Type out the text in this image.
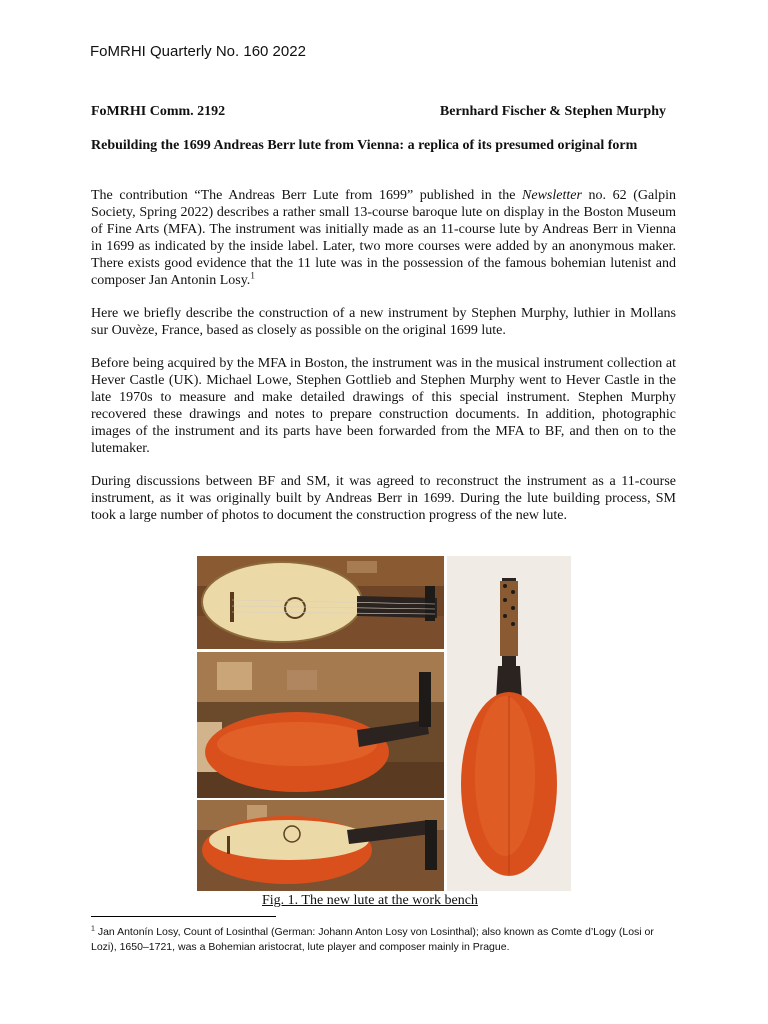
FoMRHI Quarterly No. 160 2022
FoMRHI Comm. 2192	Bernhard Fischer & Stephen Murphy
Rebuilding the 1699 Andreas Berr lute from Vienna: a replica of its presumed original form
The contribution “The Andreas Berr Lute from 1699” published in the Newsletter no. 62 (Galpin Society, Spring 2022) describes a rather small 13-course baroque lute on display in the Boston Museum of Fine Arts (MFA). The instrument was initially made as an 11-course lute by Andreas Berr in Vienna in 1699 as indicated by the inside label. Later, two more courses were added by an anonymous maker. There exists good evidence that the 11 lute was in the possession of the famous bohemian lutenist and composer Jan Antonin Losy.$^1$
Here we briefly describe the construction of a new instrument by Stephen Murphy, luthier in Mollans sur Ouvèze, France, based as closely as possible on the original 1699 lute.
Before being acquired by the MFA in Boston, the instrument was in the musical instrument collection at Hever Castle (UK). Michael Lowe, Stephen Gottlieb and Stephen Murphy went to Hever Castle in the late 1970s to measure and make detailed drawings of this special instrument. Stephen Murphy recovered these drawings and notes to prepare construction documents. In addition, photographic images of the instrument and its parts have been forwarded from the MFA to BF, and then on to the lutemaker.
During discussions between BF and SM, it was agreed to reconstruct the instrument as a 11-course instrument, as it was originally built by Andreas Berr in 1699. During the lute building process, SM took a large number of photos to document the construction progress of the new lute.
Fig. 1. The new lute at the work bench
$^1$ Jan Antonín Losy, Count of Losinthal (German: Johann Anton Losy von Losinthal); also known as Comte d’Logy (Losi or Lozi), 1650–1721, was a Bohemian aristocrat, lute player and composer mainly in Prague.
